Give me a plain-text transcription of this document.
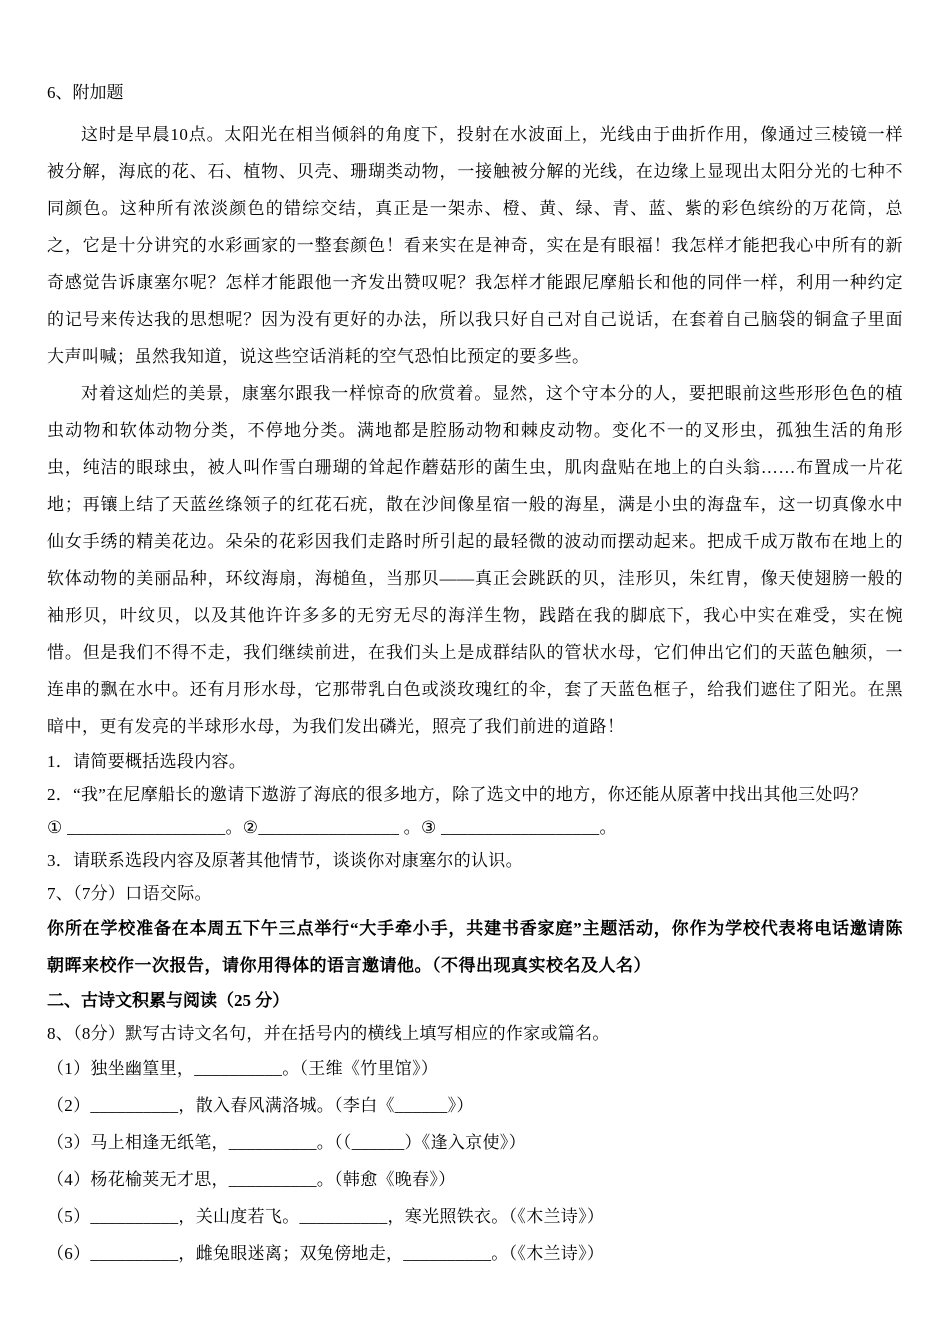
6、附加题

这时是早晨10点。太阳光在相当倾斜的角度下，投射在水波面上，光线由于曲折作用，像通过三棱镜一样被分解，海底的花、石、植物、贝壳、珊瑚类动物，一接触被分解的光线，在边缘上显现出太阳分光的七种不同颜色。这种所有浓淡颜色的错综交结，真正是一架赤、橙、黄、绿、青、蓝、紫的彩色缤纷的万花筒，总之，它是十分讲究的水彩画家的一整套颜色！看来实在是神奇，实在是有眼福！我怎样才能把我心中所有的新奇感觉告诉康塞尔呢？怎样才能跟他一齐发出赞叹呢？我怎样才能跟尼摩船长和他的同伴一样，利用一种约定的记号来传达我的思想呢？因为没有更好的办法，所以我只好自己对自己说话，在套着自己脑袋的铜盒子里面大声叫喊；虽然我知道，说这些空话消耗的空气恐怕比预定的要多些。

对着这灿烂的美景，康塞尔跟我一样惊奇的欣赏着。显然，这个守本分的人，要把眼前这些形形色色的植虫动物和软体动物分类，不停地分类。满地都是腔肠动物和棘皮动物。变化不一的叉形虫，孤独生活的角形虫，纯洁的眼球虫，被人叫作雪白珊瑚的耸起作蘑菇形的菌生虫，肌肉盘贴在地上的白头翁……布置成一片花地；再镶上结了天蓝丝绦领子的红花石疣，散在沙间像星宿一般的海星，满是小虫的海盘车，这一切真像水中仙女手绣的精美花边。朵朵的花彩因我们走路时所引起的最轻微的波动而摆动起来。把成千成万散布在地上的软体动物的美丽品种，环纹海扇，海槌鱼，当那贝——真正会跳跃的贝，洼形贝，朱红胄，像天使翅膀一般的袖形贝，叶纹贝，以及其他许许多多的无穷无尽的海洋生物，践踏在我的脚底下，我心中实在难受，实在惋惜。但是我们不得不走，我们继续前进，在我们头上是成群结队的管状水母，它们伸出它们的天蓝色触须，一连串的飘在水中。还有月形水母，它那带乳白色或淡玫瑰红的伞，套了天蓝色框子，给我们遮住了阳光。在黑暗中，更有发亮的半球形水母，为我们发出磷光，照亮了我们前进的道路！

1．请简要概括选段内容。
2．“我”在尼摩船长的邀请下遨游了海底的很多地方，除了选文中的地方，你还能从原著中找出其他三处吗？
① __________________。②________________ 。③ __________________。
3．请联系选段内容及原著其他情节，谈谈你对康塞尔的认识。
7、（7分）口语交际。

你所在学校准备在本周五下午三点举行“大手牵小手，共建书香家庭”主题活动，你作为学校代表将电话邀请陈朝晖来校作一次报告，请你用得体的语言邀请他。（不得出现真实校名及人名）

二、古诗文积累与阅读（25 分）
8、（8分）默写古诗文名句，并在括号内的横线上填写相应的作家或篇名。
（1）独坐幽篁里，__________。（王维《竹里馆》）
（2）__________，散入春风满洛城。（李白《______》）
（3）马上相逢无纸笔，__________。（（______）《逢入京使》）
（4）杨花榆荚无才思，__________。（韩愈《晚春》）
（5）__________，关山度若飞。__________，寒光照铁衣。（《木兰诗》）
（6）__________，雌兔眼迷离；双兔傍地走，__________。（《木兰诗》）
